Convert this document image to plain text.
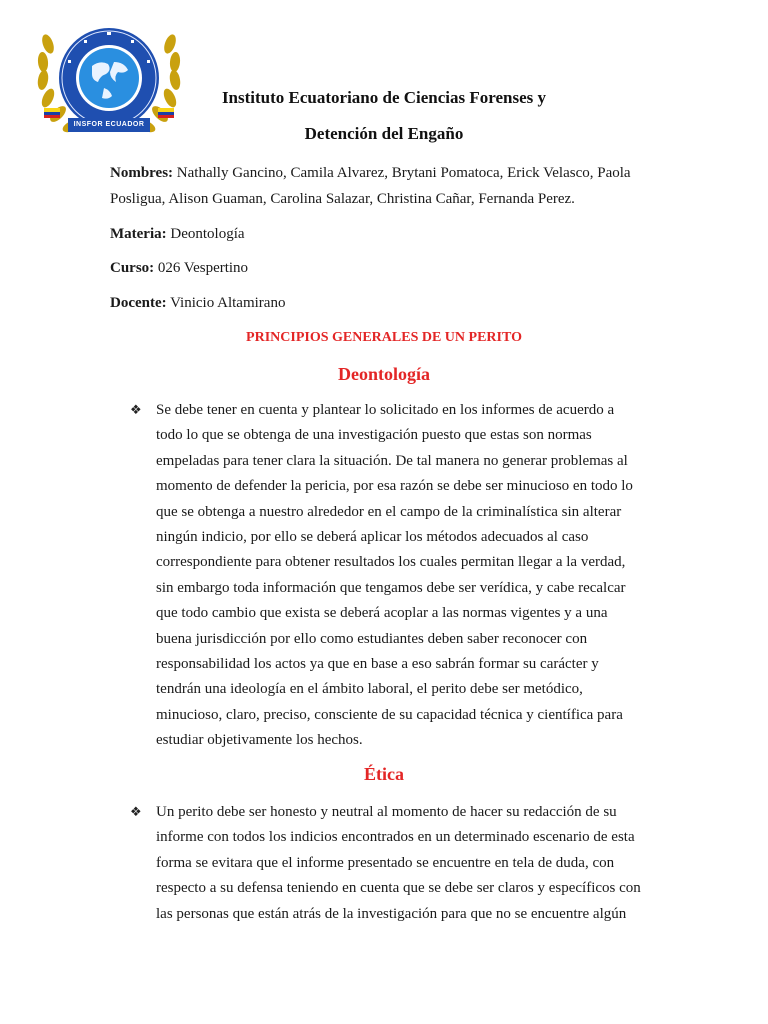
INSFOR ECUADOR
Instituto Ecuatoriano de Ciencias Forenses y
Detención del Engaño
Nombres: Nathally Gancino, Camila Alvarez, Brytani Pomatoca, Erick Velasco, Paola
Posligua, Alison Guaman, Carolina Salazar, Christina Cañar, Fernanda Perez.
Materia: Deontología
Curso: 026 Vespertino
Docente: Vinicio Altamirano
PRINCIPIOS GENERALES DE UN PERITO
Deontología
❖ Se debe tener en cuenta y plantear lo solicitado en los informes de acuerdo a
todo lo que se obtenga de una investigación puesto que estas son normas
empeladas para tener clara la situación. De tal manera no generar problemas al
momento de defender la pericia, por esa razón se debe ser minucioso en todo lo
que se obtenga a nuestro alrededor en el campo de la criminalística sin alterar
ningún indicio, por ello se deberá aplicar los métodos adecuados al caso
correspondiente para obtener resultados los cuales permitan llegar a la verdad,
sin embargo toda información que tengamos debe ser verídica, y cabe recalcar
que todo cambio que exista se deberá acoplar a las normas vigentes y a una
buena jurisdicción por ello como estudiantes deben saber reconocer con
responsabilidad los actos ya que en base a eso sabrán formar su carácter y
tendrán una ideología en el ámbito laboral, el perito debe ser metódico,
minucioso, claro, preciso, consciente de su capacidad técnica y científica para
estudiar objetivamente los hechos.
Ética
❖ Un perito debe ser honesto y neutral al momento de hacer su redacción de su
informe con todos los indicios encontrados en un determinado escenario de esta
forma se evitara que el informe presentado se encuentre en tela de duda, con
respecto a su defensa teniendo en cuenta que se debe ser claros y específicos con
las personas que están atrás de la investigación para que no se encuentre algún
